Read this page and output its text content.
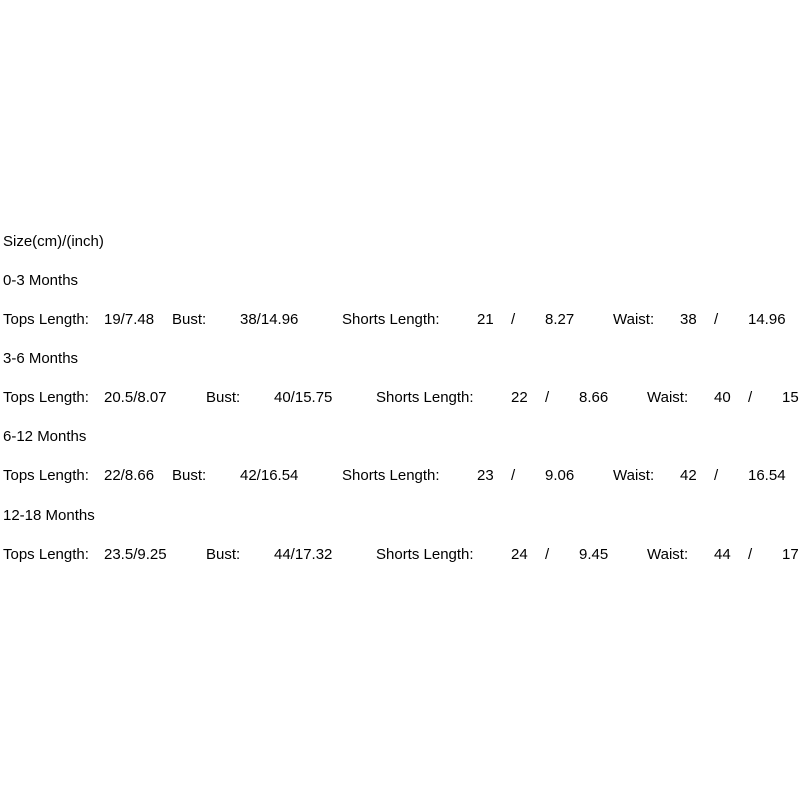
Size(cm)/(inch)
0-3 Months
Tops Length: 19/7.48 Bust: 38/14.96	Shorts Length: 21 / 8.27	Waist: 38 / 14.96
3-6 Months
Tops Length: 20.5/8.07	Bust: 40/15.75	Shorts Length: 22 / 8.66	Waist: 40 / 15
6-12 Months
Tops Length: 22/8.66 Bust: 42/16.54	Shorts Length: 23 / 9.06	Waist: 42 / 16.54
12-18 Months
Tops Length: 23.5/9.25	Bust: 44/17.32	Shorts Length: 24 / 9.45	Waist: 44 / 17
